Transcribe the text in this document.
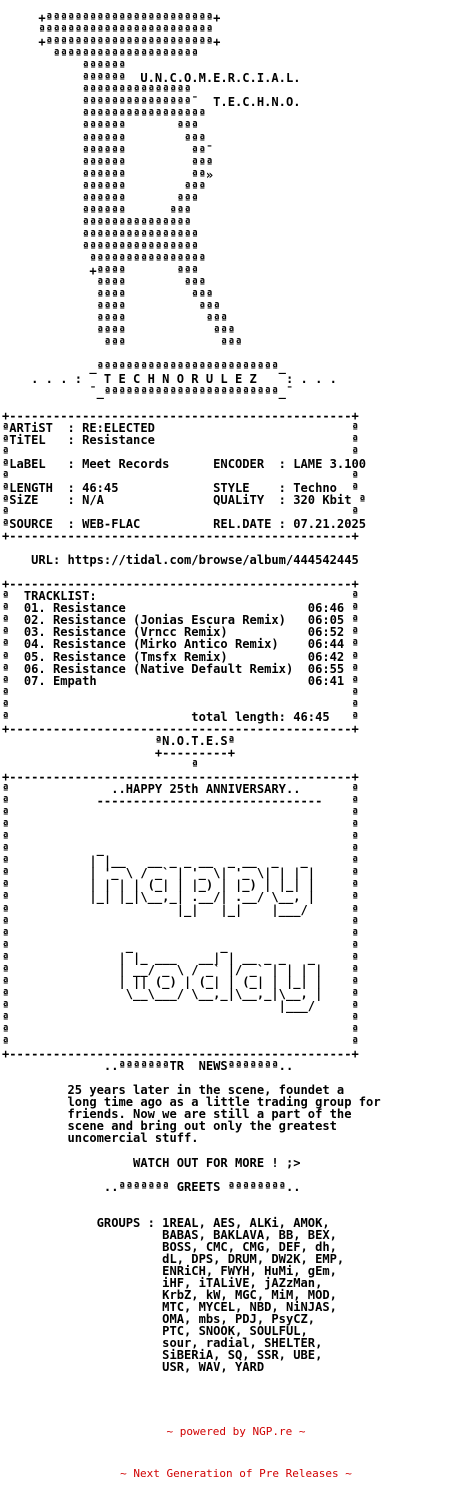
+ªªªªªªªªªªªªªªªªªªªªªªª+
ªªªªªªªªªªªªªªªªªªªªªªªª
+ªªªªªªªªªªªªªªªªªªªªªªª+
ªªªªªªªªªªªªªªªªªªªª
ªªªªªª
ªªªªªª  U.N.C.O.M.E.R.C.I.A.L.
ªªªªªªªªªªªªªªª
ªªªªªªªªªªªªªªª¯  T.E.C.H.N.O.
ªªªªªªªªªªªªªªªªª
ªªªªªª       ªªª
ªªªªªª        ªªª
ªªªªªª         ªª¯
ªªªªªª         ªªª
ªªªªªª         ªª»
ªªªªªª        ªªª
ªªªªªª       ªªª
ªªªªªª      ªªª
ªªªªªªªªªªªªªªª
ªªªªªªªªªªªªªªªª
ªªªªªªªªªªªªªªªª
ªªªªªªªªªªªªªªªª
+ªªªª       ªªª
ªªªª        ªªª
ªªªª         ªªª
ªªªª          ªªª
ªªªª           ªªª
ªªªª            ªªª
ªªª             ªªª

_ªªªªªªªªªªªªªªªªªªªªªªªªª_
. . . :   T E C H N O R U L E Z    : . . .
¯_ªªªªªªªªªªªªªªªªªªªªªªªª_¯

+-----------------------------------------------+
ªARTiST  : RE:ELECTED                           ª
ªTiTEL   : Resistance                           ª
ª                                               ª
ªLaBEL   : Meet Records      ENCODER  : LAME 3.100
ª                                               ª
ªLENGTH  : 46:45             STYLE    : Techno  ª
ªSiZE    : N/A               QUALiTY  : 320 Kbit ª
ª                                               ª
ªSOURCE  : WEB-FLAC          REL.DATE : 07.21.2025
+-----------------------------------------------+

URL: https://tidal.com/browse/album/444542445

+-----------------------------------------------+
ª  TRACKLIST:                                   ª
ª  01. Resistance                         06:46 ª
ª  02. Resistance (Jonias Escura Remix)   06:05 ª
ª  03. Resistance (Vrncc Remix)           06:52 ª
ª  04. Resistance (Mirko Antico Remix)    06:44 ª
ª  05. Resistance (Tmsfx Remix)           06:42 ª
ª  06. Resistance (Native Default Remix)  06:55 ª
ª  07. Empath                             06:41 ª
ª                                               ª
ª                                               ª
ª                         total length: 46:45   ª
+-----------------------------------------------+
ªN.O.T.E.Sª
+---------+
ª
+-----------------------------------------------+
ª              ..HAPPY 25th ANNIVERSARY..       ª
ª            -------------------------------    ª
ª                                               ª
ª                                               ª
ª                                               ª
ª            _                                  ª
ª           | |__   __ _ _ __  _ __  _   _      ª
ª           | '_ \ / _` | '_ \| '_ \| | | |     ª
ª           | | | | (_| | |_) | |_) | |_| |     ª
ª           |_| |_|\__,_| .__/| .__/ \__, |     ª
ª                       |_|   |_|    |___/      ª
ª                                               ª
ª                                               ª
ª                _            _                 ª
ª               | |_ ___   __| | __ _ _   _     ª
ª               | __/ _ \ / _` |/ _` | | | |    ª
ª               | || (_) | (_| | (_| | |_| |    ª
ª                \__\___/ \__,_|\__,_|\__, |    ª
ª                                     |___/     ª
ª                                               ª
ª                                               ª
ª                                               ª
+-----------------------------------------------+
..ªªªªªªªTR  NEWSªªªªªªª..

25 years later in the scene, foundet a
long time ago as a little trading group for
friends. Now we are still a part of the
scene and bring out only the greatest
uncomercial stuff.

WATCH OUT FOR MORE ! ;>

..ªªªªªªª GREETS ªªªªªªªª..

GROUPS : 1REAL, AES, ALKi, AMOK,
BABAS, BAKLAVA, BB, BEX,
BOSS, CMC, CMG, DEF, dh,
dL, DPS, DRUM, DW2K, EMP,
ENRiCH, FWYH, HuMi, gEm,
iHF, iTALiVE, jAZzMan,
KrbZ, kW, MGC, MiM, MOD,
MTC, MYCEL, NBD, NiNJAS,
OMA, mbs, PDJ, PsyCZ,
PTC, SNOOK, SOULFUL,
sour, radial, SHELTER,
SiBERiA, SQ, SSR, UBE,
USR, WAV, YARD

~ powered by NGP.re ~

~ Next Generation of Pre Releases ~
